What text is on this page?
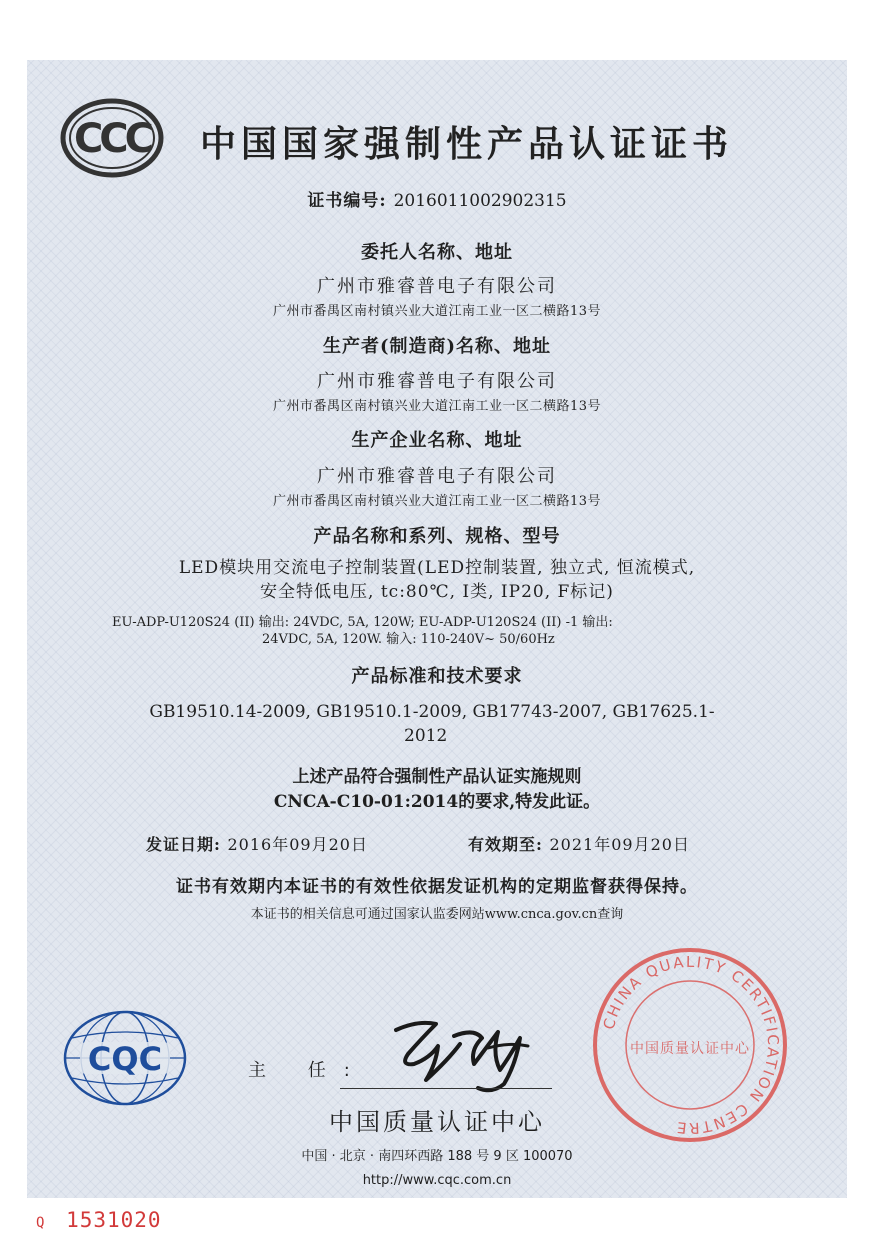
CCC 中国国家强制性产品认证证书
证书编号: 2016011002902315
委托人名称、地址
广州市雅睿普电子有限公司
广州市番禺区南村镇兴业大道江南工业一区二横路13号
生产者(制造商)名称、地址
广州市雅睿普电子有限公司
广州市番禺区南村镇兴业大道江南工业一区二横路13号
生产企业名称、地址
广州市雅睿普电子有限公司
广州市番禺区南村镇兴业大道江南工业一区二横路13号
产品名称和系列、规格、型号
LED模块用交流电子控制装置(LED控制装置, 独立式, 恒流模式,
安全特低电压, tc:80℃, I类, IP20, F标记)
EU-ADP-U120S24 (II) 输出: 24VDC, 5A, 120W; EU-ADP-U120S24 (II) -1 输出:
24VDC, 5A, 120W. 输入: 110-240V~ 50/60Hz
产品标准和技术要求
GB19510.14-2009, GB19510.1-2009, GB17743-2007, GB17625.1-
2012
上述产品符合强制性产品认证实施规则
CNCA-C10-01:2014的要求,特发此证。
发证日期: 2016年09月20日	有效期至: 2021年09月20日
证书有效期内本证书的有效性依据发证机构的定期监督获得保持。
本证书的相关信息可通过国家认监委网站www.cnca.gov.cn查询
CQC	主 任:
中国质量认证中心
中国 · 北京 · 南四环西路 188 号 9 区 100070
http://www.cqc.com.cn
CHINA QUALITY CERTIFICATION CENTRE
中国质量认证中心
Q 1531020
